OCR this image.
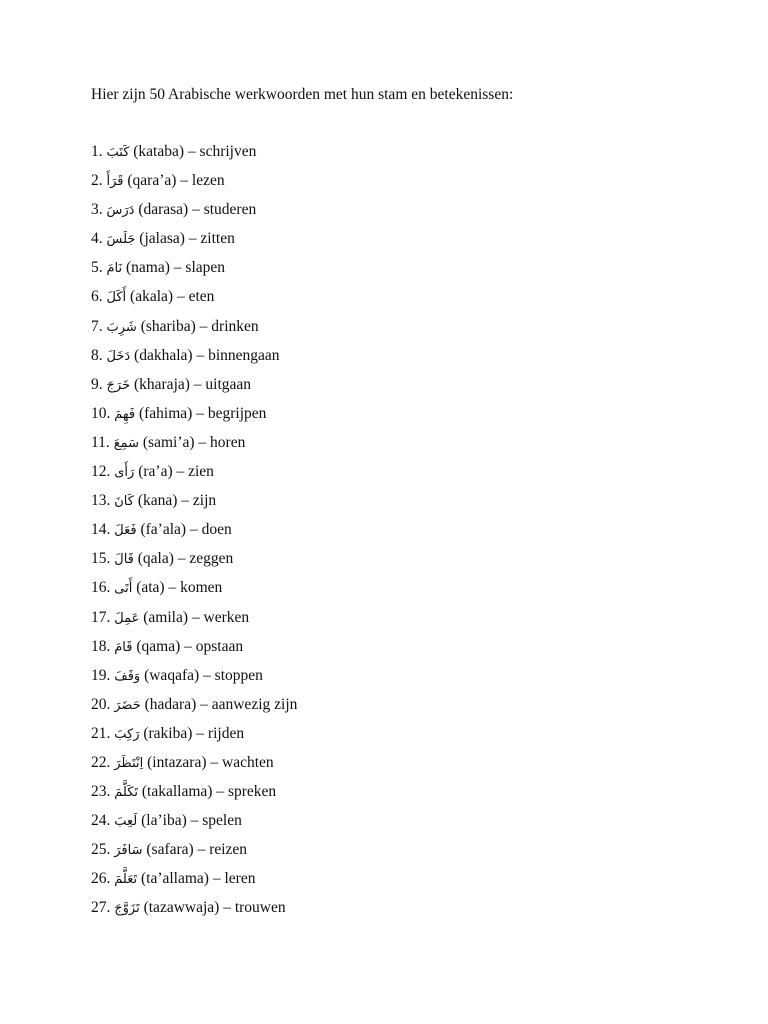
Hier zijn 50 Arabische werkwoorden met hun stam en betekenissen:
1. كَتَبَ (kataba) – schrijven
2. قَرَأَ (qara’a) – lezen
3. دَرَسَ (darasa) – studeren
4. جَلَسَ (jalasa) – zitten
5. نَامَ (nama) – slapen
6. أَكَلَ (akala) – eten
7. شَرِبَ (shariba) – drinken
8. دَخَلَ (dakhala) – binnengaan
9. خَرَجَ (kharaja) – uitgaan
10. فَهِمَ (fahima) – begrijpen
11. سَمِعَ (sami’a) – horen
12. رَأَى (ra’a) – zien
13. كَانَ (kana) – zijn
14. فَعَلَ (fa’ala) – doen
15. قَالَ (qala) – zeggen
16. أَتَى (ata) – komen
17. عَمِلَ (amila) – werken
18. قَامَ (qama) – opstaan
19. وَقَفَ (waqafa) – stoppen
20. حَضَرَ (hadara) – aanwezig zijn
21. رَكِبَ (rakiba) – rijden
22. اِنْتَظَرَ (intazara) – wachten
23. تَكَلَّمَ (takallama) – spreken
24. لَعِبَ (la’iba) – spelen
25. سَافَرَ (safara) – reizen
26. تَعَلَّمَ (ta’allama) – leren
27. تَزَوَّجَ (tazawwaja) – trouwen
